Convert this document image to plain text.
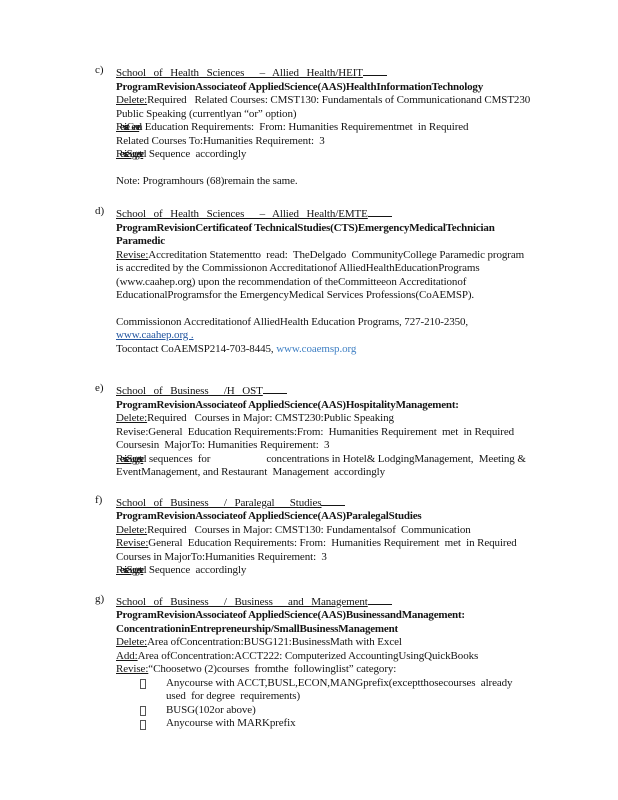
c)	School of Health Sciences  – Allied Health/HEIT
ProgramRevisionAssociateof AppliedScience(AAS)HealthInformationTechnology
Delete:Required   Related Courses: CMST130: Fundamentals of Communicationand CMST230
Public Speaking (currentlyan “or” option)
Revise:General Education Requirements:  From: Humanities Requirementmet  in Required
Related Courses To:Humanities Requirement:  3
Revise:Suggested Sequence  accordingly
Note: Programhours (68)remain the same.
d)	School of Health Sciences  – Allied Health/EMTE
ProgramRevisionCertificateof TechnicalStudies(CTS)EmergencyMedicalTechnician
Paramedic
Revise:Accreditation Statementto  read:  TheDelgado  CommunityCollege Paramedic program
is accredited by the Commissionon Accreditationof AlliedHealthEducationPrograms
(www.caahep.org) upon the recommendation of theCommitteeon Accreditationof
EducationalProgramsfor the EmergencyMedical Services Professions(CoAEMSP).
Commissionon Accreditationof AlliedHealth Education Programs, 727-210-2350,
www.caahep.org .
Tocontact CoAEMSP214-703-8445, www.coaemsp.org
e)	School of Business  /H OST
ProgramRevisionAssociateof AppliedScience(AAS)HospitalityManagement:
Delete:Required   Courses in Major: CMST230:Public Speaking
Revise:General  Education Requirements:From:  Humanities Requirement  met  in Required
Coursesin  MajorTo: Humanities Requirement:  3
Revise:Suggested sequences  for	concentrations in Hotel& LodgingManagement,  Meeting &
EventManagement, and Restaurant  Management  accordingly
f)	School of Business  / Paralegal  Studies
ProgramRevisionAssociateof AppliedScience(AAS)ParalegalStudies
Delete:Required   Courses in Major: CMST130: Fundamentalsof  Communication
Revise:General  Education Requirements: From:  Humanities Requirement  met  in Required
Courses in MajorTo:Humanities Requirement:  3
Revise:Suggested Sequence  accordingly
g)	School of Business  / Business  and Management
ProgramRevisionAssociateof AppliedScience(AAS)BusinessandManagement:
ConcentrationinEntrepreneurship/SmallBusinessManagement
Delete:Area ofConcentration:BUSG121:BusinessMath with Excel
Add:Area ofConcentration:ACCT222: Computerized AccountingUsingQuickBooks
Revise:“Choosetwo (2)courses  fromthe  followinglist” category:
Anycourse with ACCT,BUSL,ECON,MANGprefix(exceptthosecourses  already
used  for degree  requirements)
BUSG(102or above)
Anycourse with MARKprefix
